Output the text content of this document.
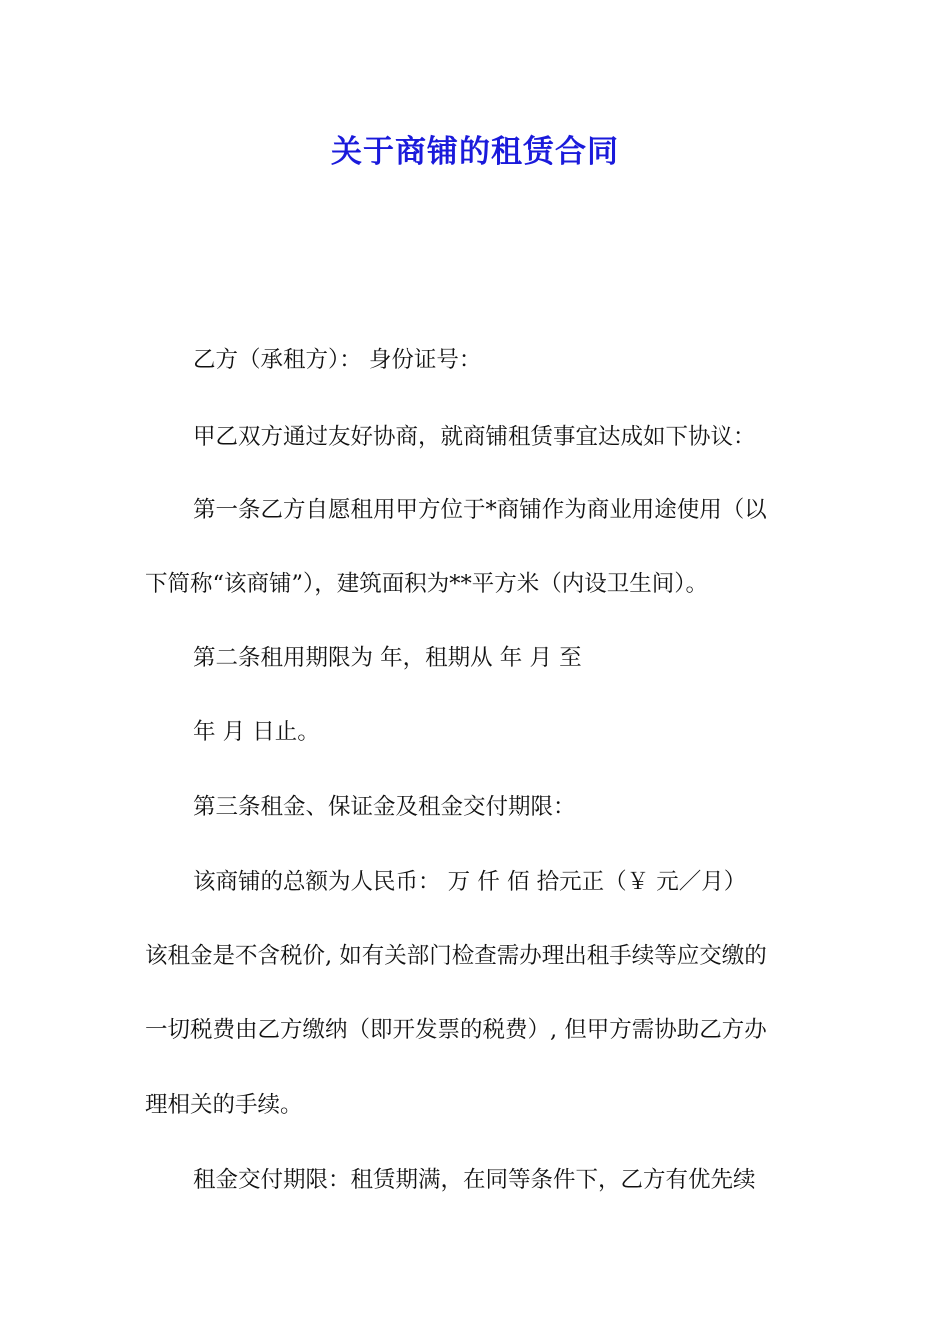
关于商铺的租赁合同
乙方（承租方）： 身份证号：
甲乙双方通过友好协商，就商铺租赁事宜达成如下协议：
第一条乙方自愿租用甲方位于*商铺作为商业用途使用（以
下简称“该商铺”），建筑面积为**平方米（内设卫生间）。
第二条租用期限为 年，租期从 年 月 至
年 月 日止。
第三条租金、保证金及租金交付期限：
该商铺的总额为人民币： 万 仟 佰 拾元正（￥ 元／月）
该租金是不含税价, 如有关部门检查需办理出租手续等应交缴的
一切税费由乙方缴纳（即开发票的税费）, 但甲方需协助乙方办
理相关的手续。
租金交付期限：租赁期满，在同等条件下，乙方有优先续
